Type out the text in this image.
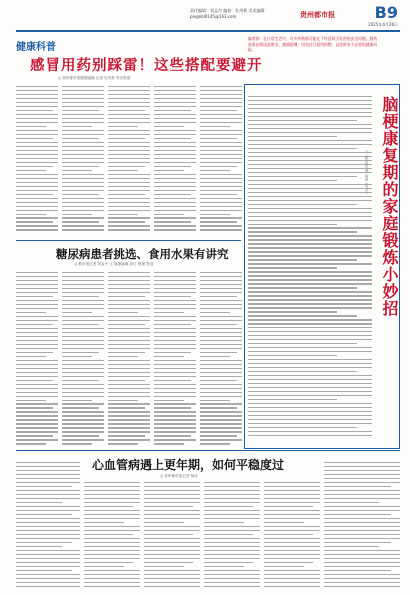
健康科普
责任编辑：刘孟丹 编校：杜茂莉 美术编辑：piegebl0145@163.com	贵州都市报 B9
2025年4月26日
感冒用药别踩雷！这些搭配要避开
◎ 贵州都市报健康融媒 记者 杜茂莉 采访报道
编者按：在日常生活中，许多药物都可能在不经意间引发用药安全问题。服药前务必阅读说明书，遵循医嘱，切勿自行混用药物，以免带来不必要的健康风险。
脑梗康复期的家庭锻炼小妙招
杨彦
糖尿病患者挑选、食用水果有讲究
◎ 都市报记者 刘孟丹 文 健康融媒 彭江 整理 报道
心血管病遇上更年期，如何平稳度过
◎ 贵州都市报记者 杨彦
